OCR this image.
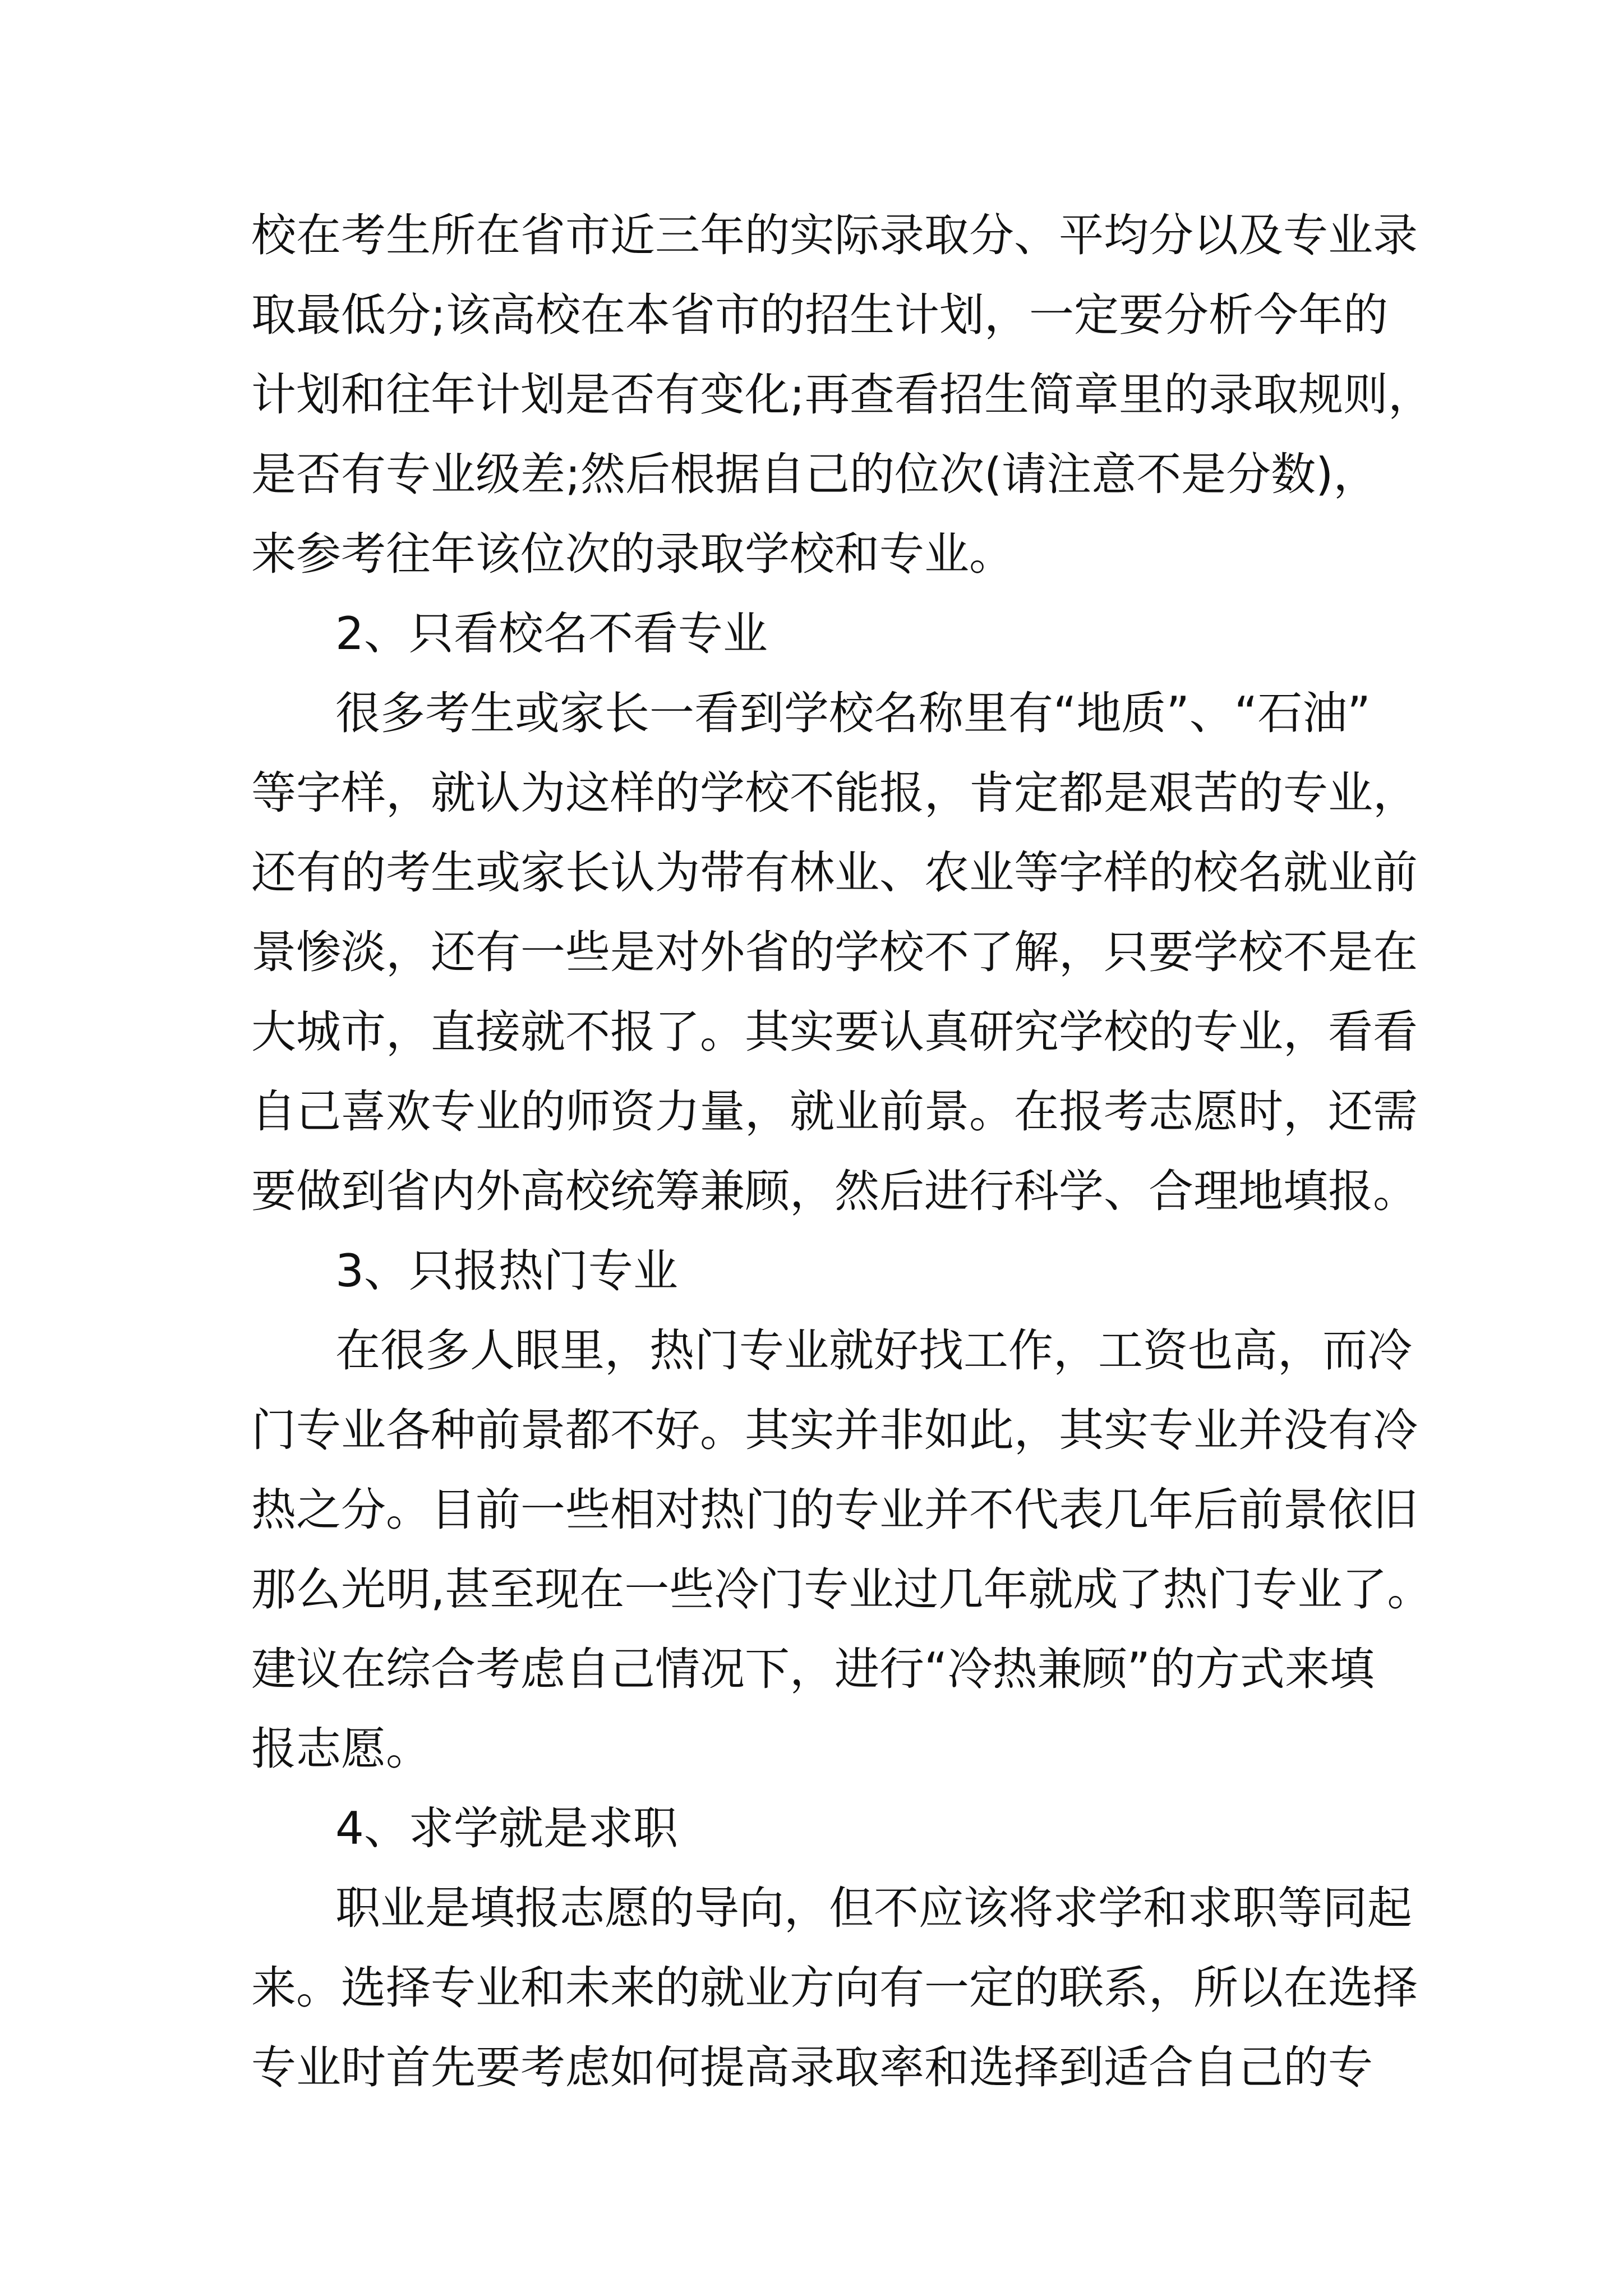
校在考生所在省市近三年的实际录取分、平均分以及专业录
取最低分;该高校在本省市的招生计划，一定要分析今年的
计划和往年计划是否有变化;再查看招生简章里的录取规则，
是否有专业级差;然后根据自己的位次(请注意不是分数)，
来参考往年该位次的录取学校和专业。
2、只看校名不看专业
很多考生或家长一看到学校名称里有“地质”、“石油”
等字样，就认为这样的学校不能报，肯定都是艰苦的专业，
还有的考生或家长认为带有林业、农业等字样的校名就业前
景惨淡，还有一些是对外省的学校不了解，只要学校不是在
大城市，直接就不报了。其实要认真研究学校的专业，看看
自己喜欢专业的师资力量，就业前景。在报考志愿时，还需
要做到省内外高校统筹兼顾，然后进行科学、合理地填报。
3、只报热门专业
在很多人眼里，热门专业就好找工作，工资也高，而冷
门专业各种前景都不好。其实并非如此，其实专业并没有冷
热之分。目前一些相对热门的专业并不代表几年后前景依旧
那么光明,甚至现在一些冷门专业过几年就成了热门专业了。
建议在综合考虑自己情况下，进行“冷热兼顾”的方式来填
报志愿。
4、求学就是求职
职业是填报志愿的导向，但不应该将求学和求职等同起
来。选择专业和未来的就业方向有一定的联系，所以在选择
专业时首先要考虑如何提高录取率和选择到适合自己的专
